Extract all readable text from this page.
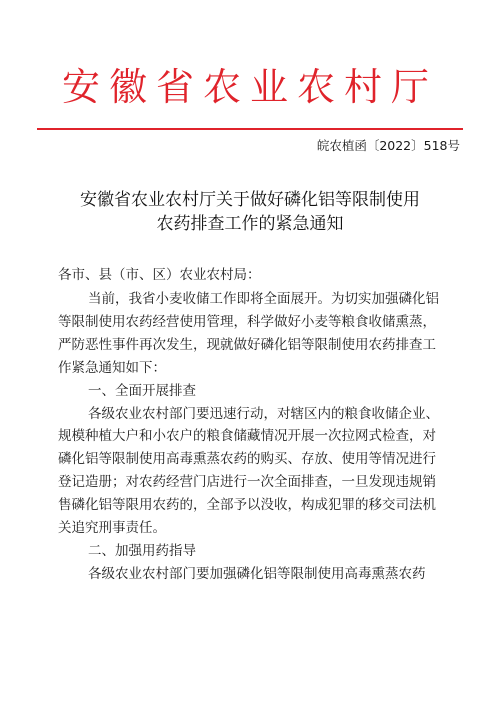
安徽省农业农村厅
皖农植函〔2022〕518号
安徽省农业农村厅关于做好磷化铝等限制使用
农药排查工作的紧急通知
各市、县（市、区）农业农村局：
当前，我省小麦收储工作即将全面展开。为切实加强磷化铝
等限制使用农药经营使用管理，科学做好小麦等粮食收储熏蒸，
严防恶性事件再次发生，现就做好磷化铝等限制使用农药排查工
作紧急通知如下：
一、全面开展排查
各级农业农村部门要迅速行动，对辖区内的粮食收储企业、
规模种植大户和小农户的粮食储藏情况开展一次拉网式检查，对
磷化铝等限制使用高毒熏蒸农药的购买、存放、使用等情况进行
登记造册；对农药经营门店进行一次全面排查，一旦发现违规销
售磷化铝等限用农药的，全部予以没收，构成犯罪的移交司法机
关追究刑事责任。
二、加强用药指导
各级农业农村部门要加强磷化铝等限制使用高毒熏蒸农药
